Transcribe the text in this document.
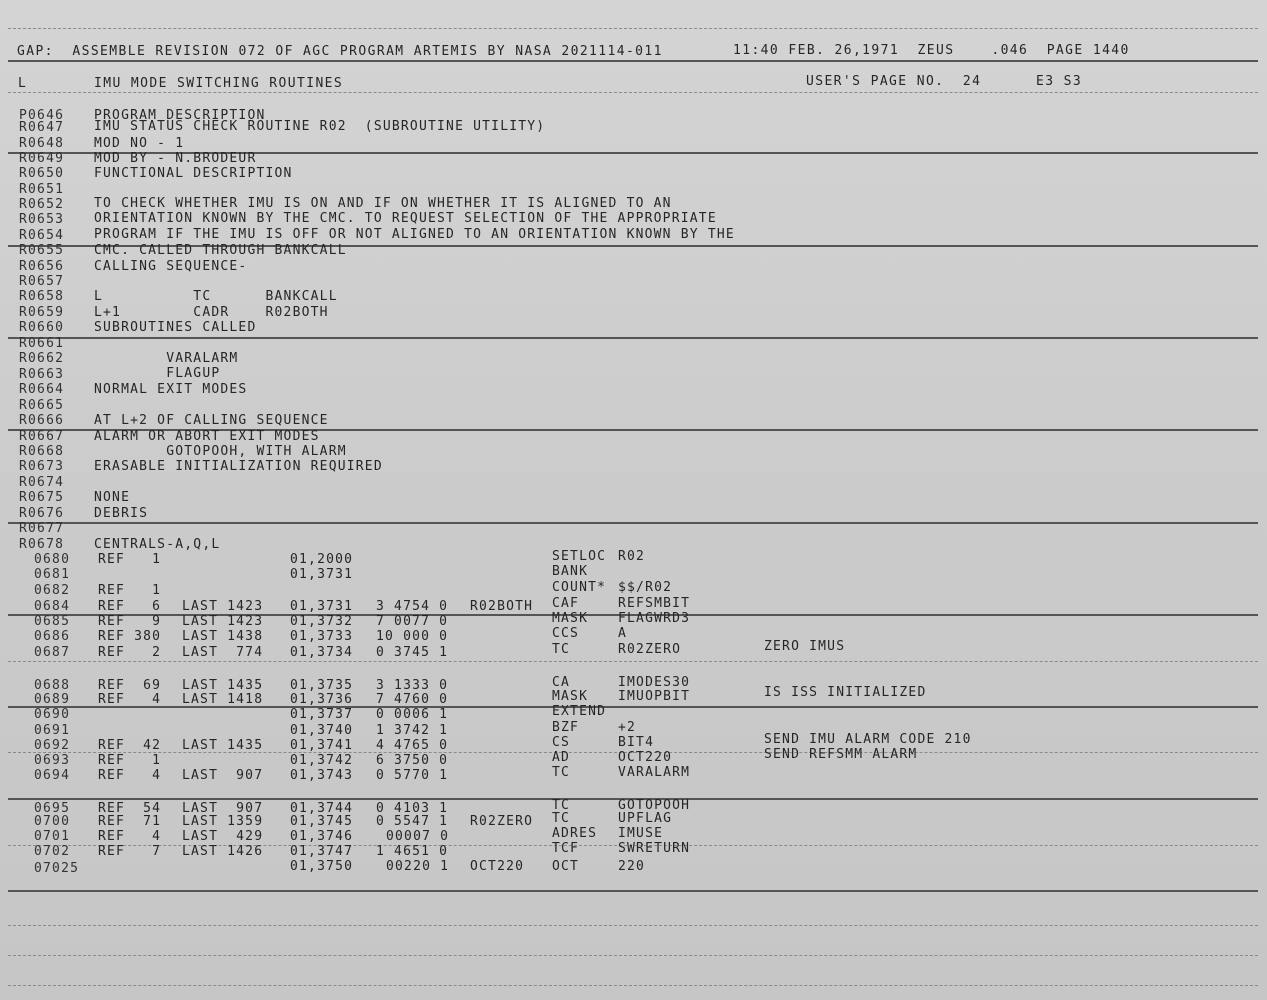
GAP:  ASSEMBLE REVISION 072 OF AGC PROGRAM ARTEMIS BY NASA 2021114-011	11:40 FEB. 26,1971  ZEUS    .046  PAGE 1440
L	IMU MODE SWITCHING ROUTINES	USER'S PAGE NO.  24	E3 S3
P0646 PROGRAM DESCRIPTION
R0647 IMU STATUS CHECK ROUTINE R02  (SUBROUTINE UTILITY)
R0648 MOD NO - 1
R0649 MOD BY - N.BRODEUR
R0650 FUNCTIONAL DESCRIPTION
R0651
R0652 TO CHECK WHETHER IMU IS ON AND IF ON WHETHER IT IS ALIGNED TO AN
R0653 ORIENTATION KNOWN BY THE CMC. TO REQUEST SELECTION OF THE APPROPRIATE
R0654 PROGRAM IF THE IMU IS OFF OR NOT ALIGNED TO AN ORIENTATION KNOWN BY THE
R0655 CMC. CALLED THROUGH BANKCALL
R0656 CALLING SEQUENCE-
R0657
R0658 L          TC      BANKCALL
R0659 L+1        CADR    R02BOTH
R0660 SUBROUTINES CALLED
R0661
R0662 VARALARM
R0663 FLAGUP
R0664 NORMAL EXIT MODES
R0665
R0666 AT L+2 OF CALLING SEQUENCE
R0667 ALARM OR ABORT EXIT MODES
R0668 GOTOPOOH, WITH ALARM
R0673 ERASABLE INITIALIZATION REQUIRED
R0674
R0675 NONE
R0676 DEBRIS
R0677
R0678 CENTRALS-A,Q,L
0680 REF   1	01,2000	SETLOC R02
0681	01,3731	BANK
0682 REF   1	COUNT* $$/R02
0684 REF   6 LAST 1423 01,3731 3 4754 0 R02BOTH CAF	REFSMBIT
0685 REF   9 LAST 1423 01,3732 7 0077 0	MASK FLAGWRD3
0686 REF 380 LAST 1438 01,3733 10 000 0	CCS	A
0687 REF   2 LAST  774 01,3734 0 3745 1	TC	R02ZERO	ZERO IMUS
0688 REF  69 LAST 1435 01,3735 3 1333 0	CA	IMODES30
0689 REF   4 LAST 1418 01,3736 7 4760 0	MASK IMUOPBIT	IS ISS INITIALIZED
0690	01,3737 0 0006 1	EXTEND
0691	01,3740 1 3742 1	BZF	+2
0692 REF  42 LAST 1435 01,3741 4 4765 0	CS	BIT4	SEND IMU ALARM CODE 210
0693 REF   1	01,3742 6 3750 0	AD	OCT220	SEND REFSMM ALARM
0694 REF   4 LAST  907 01,3743 0 5770 1	TC	VARALARM
0695 REF  54 LAST  907 01,3744 0 4103 1	TC	GOTOPOOH
0700 REF  71 LAST 1359 01,3745 0 5547 1 R02ZERO TC	UPFLAG
0701 REF   4 LAST  429 01,3746	00007 0	ADRES IMUSE
0702 REF   7 LAST 1426 01,3747 1 4651 0	TCF	SWRETURN
07025	01,3750	00220 1 OCT220 OCT	220
